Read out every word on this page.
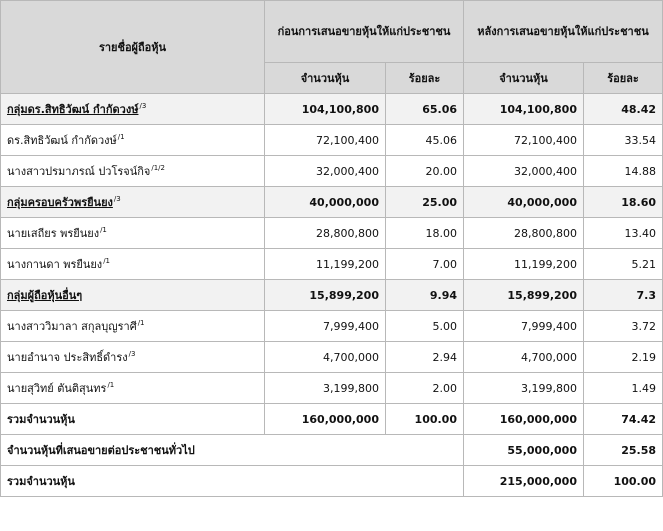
รายชื่อผู้ถือหุ้น	ก่อนการเสนอขายหุ้นให้แก่ประชาชน		หลังการเสนอขายหุ้นให้แก่ประชาชน	

	จำนวนหุ้น	ร้อยละ	จำนวนหุ้น	ร้อยละ
กลุ่มดร.สิทธิวัฒน์ กำกัดวงษ์$^{/3}$	104,100,800	65.06	104,100,800	48.42
ดร.สิทธิวัฒน์ กำกัดวงษ์$^{/1}$	72,100,400	45.06	72,100,400	33.54
นางสาวปรมาภรณ์ ปวโรจน์กิจ$^{/1/2}$	32,000,400	20.00	32,000,400	14.88
กลุ่มครอบครัวพรยืนยง$^{/3}$	40,000,000	25.00	40,000,000	18.60
นายเสถียร พรยืนยง$^{/1}$	28,800,800	18.00	28,800,800	13.40
นางกานดา พรยืนยง$^{/1}$	11,199,200	7.00	11,199,200	5.21
กลุ่มผู้ถือหุ้นอื่นๆ	15,899,200	9.94	15,899,200	7.3
นางสาววิมาลา สกุลบุญราศี$^{/1}$	7,999,400	5.00	7,999,400	3.72
นายอำนาจ ประสิทธิ์ดำรง$^{/3}$	4,700,000	2.94	4,700,000	2.19
นายสุวิทย์ ตันติสุนทร$^{/1}$	3,199,800	2.00	3,199,800	1.49
รวมจำนวนหุ้น	160,000,000	100.00	160,000,000	74.42
จำนวนหุ้นที่เสนอขายต่อประชาชนทั่วไป			55,000,000	25.58
รวมจำนวนหุ้น			215,000,000	100.00
